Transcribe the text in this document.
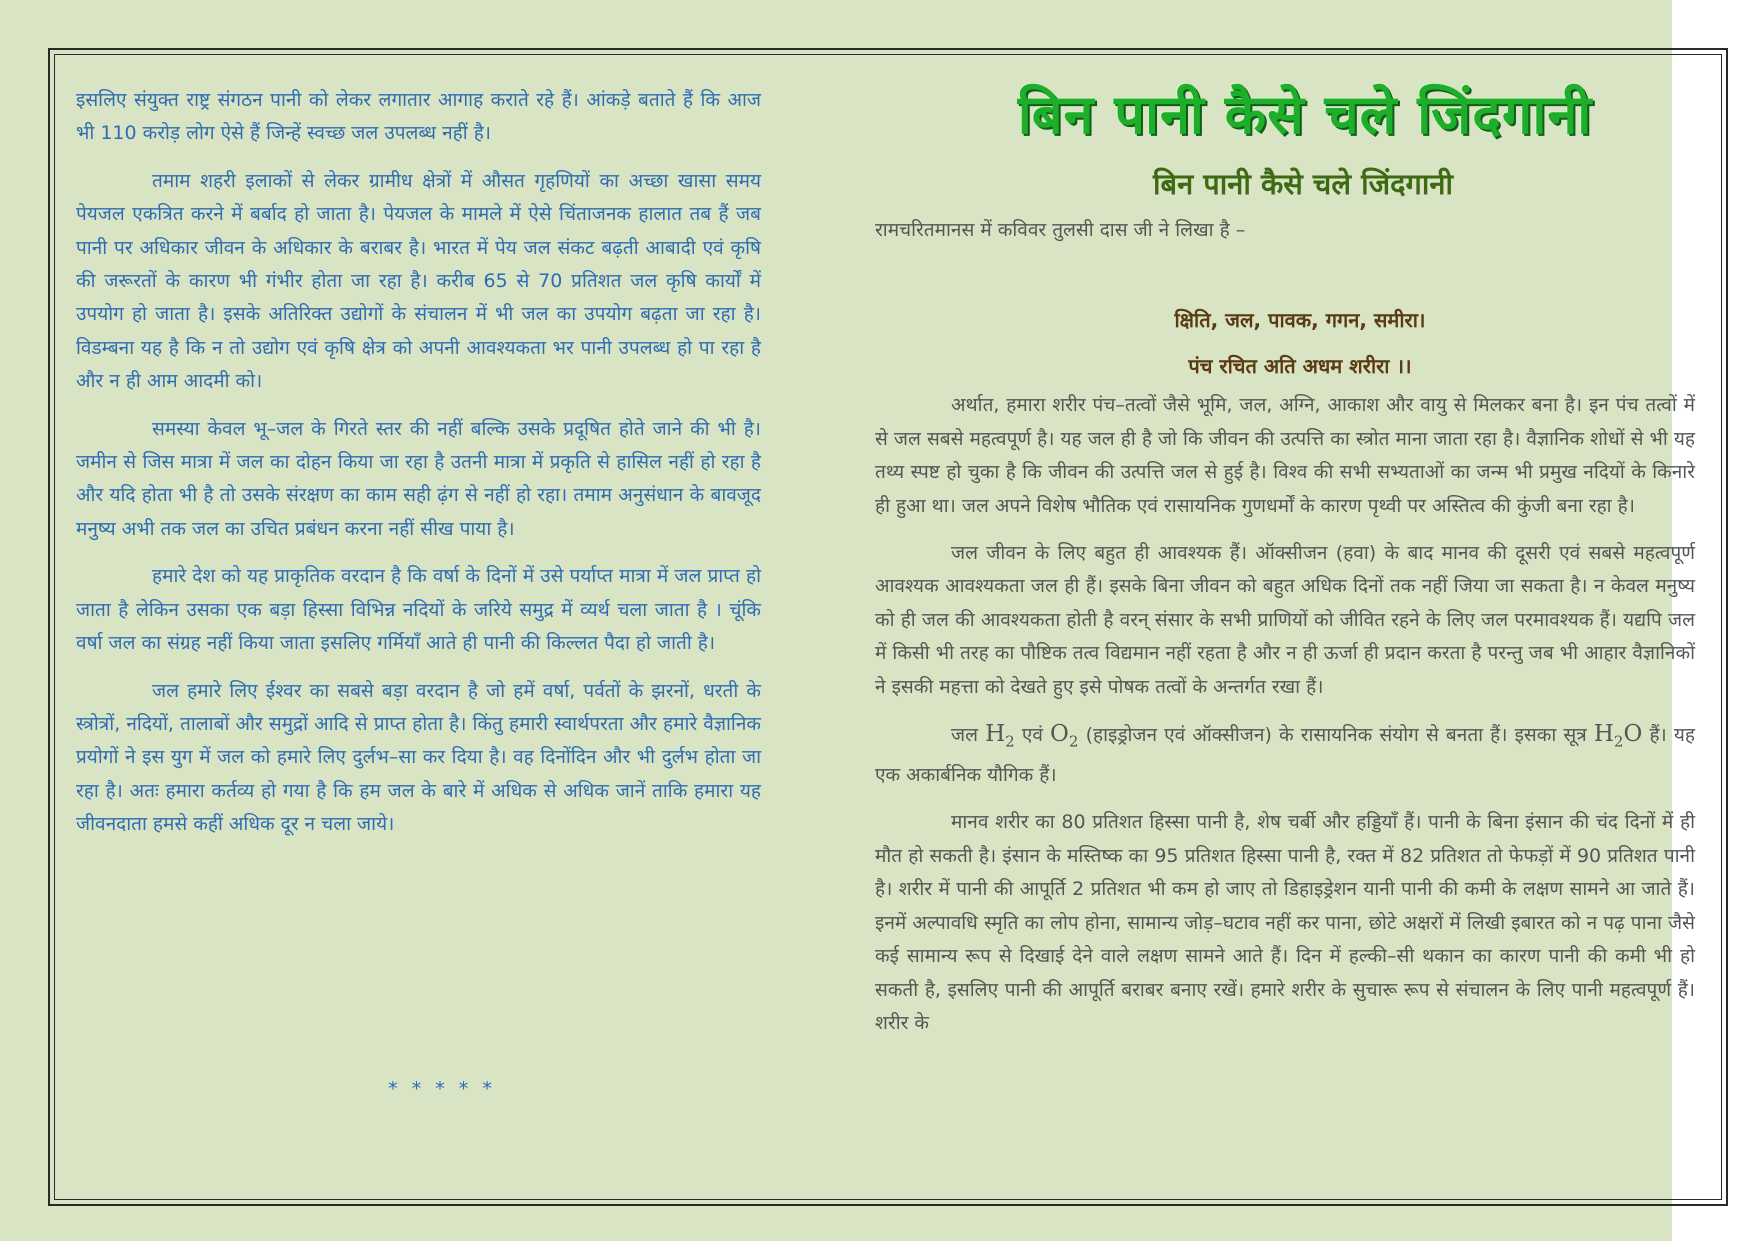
इसलिए संयुक्त राष्ट्र संगठन पानी को लेकर लगातार आगाह कराते रहे हैं। आंकड़े बताते हैं कि आज भी 110 करोड़ लोग ऐसे हैं जिन्हें स्वच्छ जल उपलब्ध नहीं है।

तमाम शहरी इलाकों से लेकर ग्रामीध क्षेत्रों में औसत गृहणियों का अच्छा खासा समय पेयजल एकत्रित करने में बर्बाद हो जाता है। पेयजल के मामले में ऐसे चिंताजनक हालात तब हैं जब पानी पर अधिकार जीवन के अधिकार के बराबर है। भारत में पेय जल संकट बढ़ती आबादी एवं कृषि की जरूरतों के कारण भी गंभीर होता जा रहा है। करीब 65 से 70 प्रतिशत जल कृषि कार्यों में उपयोग हो जाता है। इसके अतिरिक्त उद्योगों के संचालन में भी जल का उपयोग बढ़ता जा रहा है। विडम्बना यह है कि न तो उद्योग एवं कृषि क्षेत्र को अपनी आवश्यकता भर पानी उपलब्ध हो पा रहा है और न ही आम आदमी को।

समस्या केवल भू–जल के गिरते स्तर की नहीं बल्कि उसके प्रदूषित होते जाने की भी है। जमीन से जिस मात्रा में जल का दोहन किया जा रहा है उतनी मात्रा में प्रकृति से हासिल नहीं हो रहा है और यदि होता भी है तो उसके संरक्षण का काम सही ढ़ंग से नहीं हो रहा। तमाम अनुसंधान के बावजूद मनुष्य अभी तक जल का उचित प्रबंधन करना नहीं सीख पाया है।

हमारे देश को यह प्राकृतिक वरदान है कि वर्षा के दिनों में उसे पर्याप्त मात्रा में जल प्राप्त हो जाता है लेकिन उसका एक बड़ा हिस्सा विभिन्न नदियों के जरिये समुद्र में व्यर्थ चला जाता है । चूंकि वर्षा जल का संग्रह नहीं किया जाता इसलिए गर्मियाँ आते ही पानी की किल्लत पैदा हो जाती है।

जल हमारे लिए ईश्वर का सबसे बड़ा वरदान है जो हमें वर्षा, पर्वतों के झरनों, धरती के स्त्रोत्रों, नदियों, तालाबों और समुद्रों आदि से प्राप्त होता है। किंतु हमारी स्वार्थपरता और हमारे वैज्ञानिक प्रयोगों ने इस युग में जल को हमारे लिए दुर्लभ–सा कर दिया है। वह दिनोंदिन और भी दुर्लभ होता जा रहा है। अतः हमारा कर्तव्य हो गया है कि हम जल के बारे में अधिक से अधिक जानें ताकि हमारा यह जीवनदाता हमसे कहीं अधिक दूर न चला जाये।

* * * * *
बिन पानी कैसे चले जिंदगानी
बिन पानी कैसे चले जिंदगानी

रामचरितमानस में कविवर तुलसी दास जी ने लिखा है –

क्षिति, जल, पावक, गगन, समीरा।

पंच रचित अति अधम शरीरा ।।

अर्थात, हमारा शरीर पंच–तत्वों जैसे भूमि, जल, अग्नि, आकाश और वायु से मिलकर बना है। इन पंच तत्वों में से जल सबसे महत्वपूर्ण है। यह जल ही है जो कि जीवन की उत्पत्ति का स्त्रोत माना जाता रहा है। वैज्ञानिक शोधों से भी यह तथ्य स्पष्ट हो चुका है कि जीवन की उत्पत्ति जल से हुई है। विश्व की सभी सभ्यताओं का जन्म भी प्रमुख नदियों के किनारे ही हुआ था। जल अपने विशेष भौतिक एवं रासायनिक गुणधर्मों के कारण पृथ्वी पर अस्तित्व की कुंजी बना रहा है।

जल जीवन के लिए बहुत ही आवश्यक हैं। ऑक्सीजन (हवा) के बाद मानव की दूसरी एवं सबसे महत्वपूर्ण आवश्यक आवश्यकता जल ही हैं। इसके बिना जीवन को बहुत अधिक दिनों तक नहीं जिया जा सकता है। न केवल मनुष्य को ही जल की आवश्यकता होती है वरन् संसार के सभी प्राणियों को जीवित रहने के लिए जल परमावश्यक हैं। यद्यपि जल में किसी भी तरह का पौष्टिक तत्व विद्यमान नहीं रहता है और न ही ऊर्जा ही प्रदान करता है परन्तु जब भी आहार वैज्ञानिकों ने इसकी महत्ता को देखते हुए इसे पोषक तत्वों के अन्तर्गत रखा हैं।

जल $H_2$ एवं $O_2$ (हाइड्रोजन एवं ऑक्सीजन) के रासायनिक संयोग से बनता हैं। इसका सूत्र $H_2O$ हैं। यह एक अकार्बनिक यौगिक हैं।

मानव शरीर का 80 प्रतिशत हिस्सा पानी है, शेष चर्बी और हड्डियाँ हैं। पानी के बिना इंसान की चंद दिनों में ही मौत हो सकती है। इंसान के मस्तिष्क का 95 प्रतिशत हिस्सा पानी है, रक्त में 82 प्रतिशत तो फेफड़ों में 90 प्रतिशत पानी है। शरीर में पानी की आपूर्ति 2 प्रतिशत भी कम हो जाए तो डिहाइड्रेशन यानी पानी की कमी के लक्षण सामने आ जाते हैं। इनमें अल्पावधि स्मृति का लोप होना, सामान्य जोड़–घटाव नहीं कर पाना, छोटे अक्षरों में लिखी इबारत को न पढ़ पाना जैसे कई सामान्य रूप से दिखाई देने वाले लक्षण सामने आते हैं। दिन में हल्की–सी थकान का कारण पानी की कमी भी हो सकती है, इसलिए पानी की आपूर्ति बराबर बनाए रखें। हमारे शरीर के सुचारू रूप से संचालन के लिए पानी महत्वपूर्ण हैं। शरीर के
